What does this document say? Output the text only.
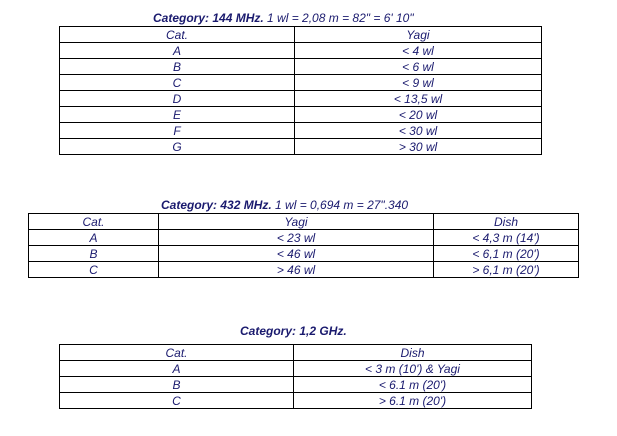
Category: 144 MHz. 1 wl = 2,08 m = 82" = 6' 10"
Cat.	Yagi
A	< 4 wl
B	< 6 wl
C	< 9 wl
D	< 13,5 wl
E	< 20 wl
F	< 30 wl
G	> 30 wl
Category: 432 MHz. 1 wl = 0,694 m = 27".340
Cat.	Yagi	Dish
A	< 23 wl	< 4,3 m (14')
B	< 46 wl	< 6,1 m (20')
C	> 46 wl	> 6,1 m (20')
Category: 1,2 GHz.
Cat.	Dish
A	< 3 m (10') & Yagi
B	< 6.1 m (20')
C	> 6.1 m (20')
